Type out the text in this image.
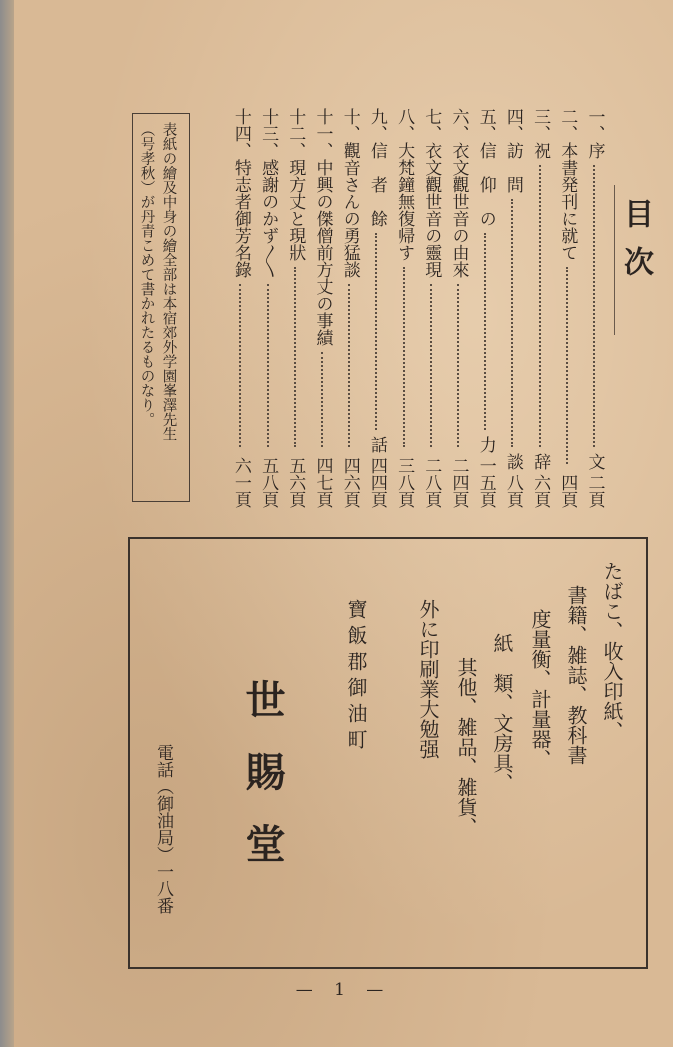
目次
表紙の繪及中身の繪全部は本宿郊外学園峯澤先生
（号孝秋）が丹青こめて書かれたるものなり。
たばこ、收入印紙、
書籍、雑誌、教科書
度量衡、計量器、
紙　類、文房具、
其他、雑品、雑貨、
外に印刷業大勉强
寶飯郡御油町
世賜堂
電話（御油局）一八番
— 1 —
一、
序
文
二頁
二、
本書発刊に就て
四頁
三、
祝
辞
六頁
四、
訪　問
談
八頁
五、
信　仰　の
力
一五頁
六、
衣文觀世音の由來
二四頁
七、
衣文觀世音の靈現
二八頁
八、
大梵鐘無復帰す
三八頁
九、
信　者　餘
話
四四頁
十、
觀音さんの勇猛談
四六頁
十一、
中興の傑僧前方丈の事績
四七頁
十二、
現方丈と現狀
五六頁
十三、
感謝のかず〳〵
五八頁
十四、
特志者御芳名錄
六一頁
